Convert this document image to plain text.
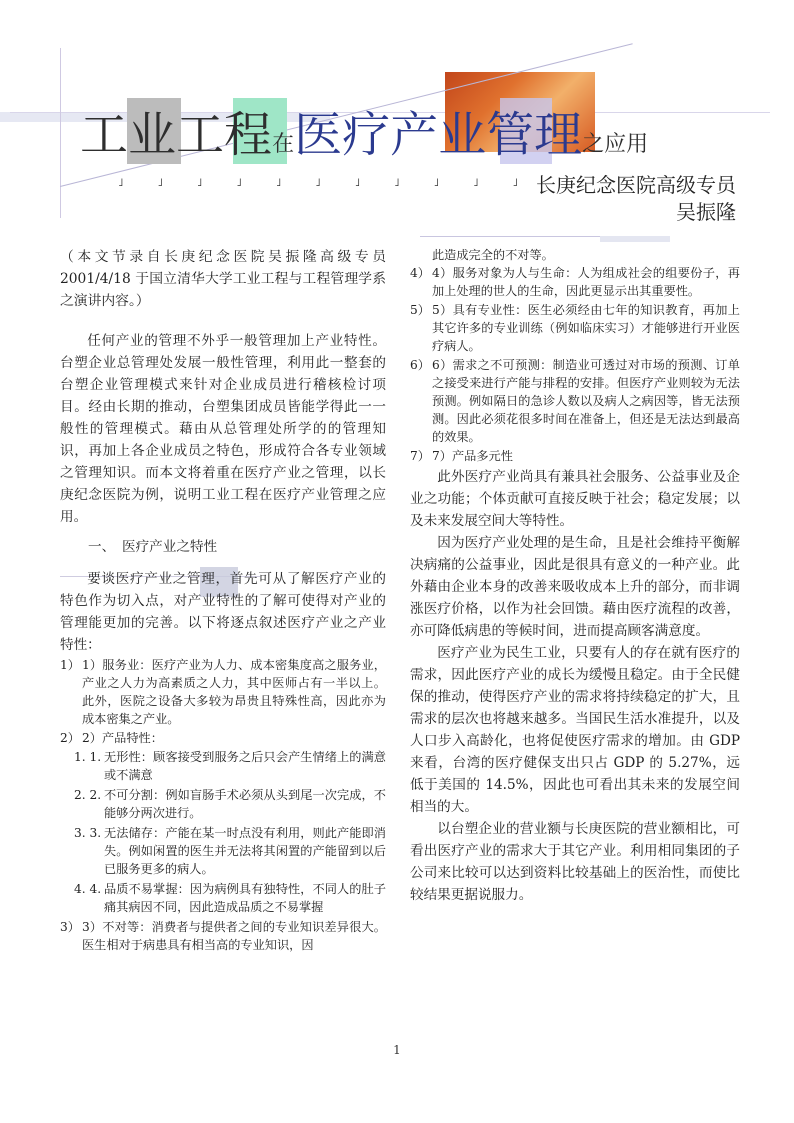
工业工程在医疗产业管理之应用
˩	˩	˩	˩	˩	˩	˩	˩	˩	˩	˩ 长庚纪念医院高级专员
吴振隆

（本文节录自长庚纪念医院吴振隆高级专员 2001/4/18 于国立清华大学工业工程与工程管理学系之演讲内容。）

任何产业的管理不外乎一般管理加上产业特性。台塑企业总管理处发展一般性管理，利用此一整套的台塑企业管理模式来针对企业成员进行稽核检讨项目。经由长期的推动，台塑集团成员皆能学得此一一般性的管理模式。藉由从总管理处所学的的管理知识，再加上各企业成员之特色，形成符合各专业领域之管理知识。而本文将着重在医疗产业之管理，以长庚纪念医院为例，说明工业工程在医疗产业管理之应用。

一、　医疗产业之特性

要谈医疗产业之管理，首先可从了解医疗产业的特色作为切入点，对产业特性的了解可使得对产业的管理能更加的完善。以下将逐点叙述医疗产业之产业特性：

1） 1）服务业：医疗产业为人力、成本密集度高之服务业，产业之人力为高素质之人力，其中医师占有一半以上。此外，医院之设备大多较为昂贵且特殊性高，因此亦为成本密集之产业。
2） 2）产品特性：
1. 1. 无形性：顾客接受到服务之后只会产生情绪上的满意或不满意
2. 2. 不可分割：例如盲肠手术必须从头到尾一次完成，不能够分两次进行。
3. 3. 无法储存：产能在某一时点没有利用，则此产能即消失。例如闲置的医生并无法将其闲置的产能留到以后已服务更多的病人。
4. 4. 品质不易掌握：因为病例具有独特性，不同人的肚子痛其病因不同，因此造成品质之不易掌握
3） 3）不对等：消费者与提供者之间的专业知识差异很大。医生相对于病患具有相当高的专业知识，因
此造成完全的不对等。
4） 4）服务对象为人与生命：人为组成社会的组要份子，再加上处理的世人的生命，因此更显示出其重要性。
5） 5）具有专业性：医生必须经由七年的知识教育，再加上其它许多的专业训练（例如临床实习）才能够进行开业医疗病人。
6） 6）需求之不可预测：制造业可透过对市场的预测、订单之接受来进行产能与排程的安排。但医疗产业则较为无法预测。例如隔日的急诊人数以及病人之病因等，皆无法预测。因此必须花很多时间在准备上，但还是无法达到最高的效果。
7） 7）产品多元性

此外医疗产业尚具有兼具社会服务、公益事业及企业之功能；个体贡献可直接反映于社会；稳定发展；以及未来发展空间大等特性。

因为医疗产业处理的是生命，且是社会维持平衡解决病痛的公益事业，因此是很具有意义的一种产业。此外藉由企业本身的改善来吸收成本上升的部分，而非调涨医疗价格，以作为社会回馈。藉由医疗流程的改善，亦可降低病患的等候时间，进而提高顾客满意度。

医疗产业为民生工业，只要有人的存在就有医疗的需求，因此医疗产业的成长为缓慢且稳定。由于全民健保的推动，使得医疗产业的需求将持续稳定的扩大，且需求的层次也将越来越多。当国民生活水准提升，以及人口步入高龄化，也将促使医疗需求的增加。由 GDP 来看，台湾的医疗健保支出只占 GDP 的 5.27%，远低于美国的 14.5%，因此也可看出其未来的发展空间相当的大。

以台塑企业的营业额与长庚医院的营业额相比，可看出医疗产业的需求大于其它产业。利用相同集团的子公司来比较可以达到资料比较基础上的医治性，而使比较结果更据说服力。

1
